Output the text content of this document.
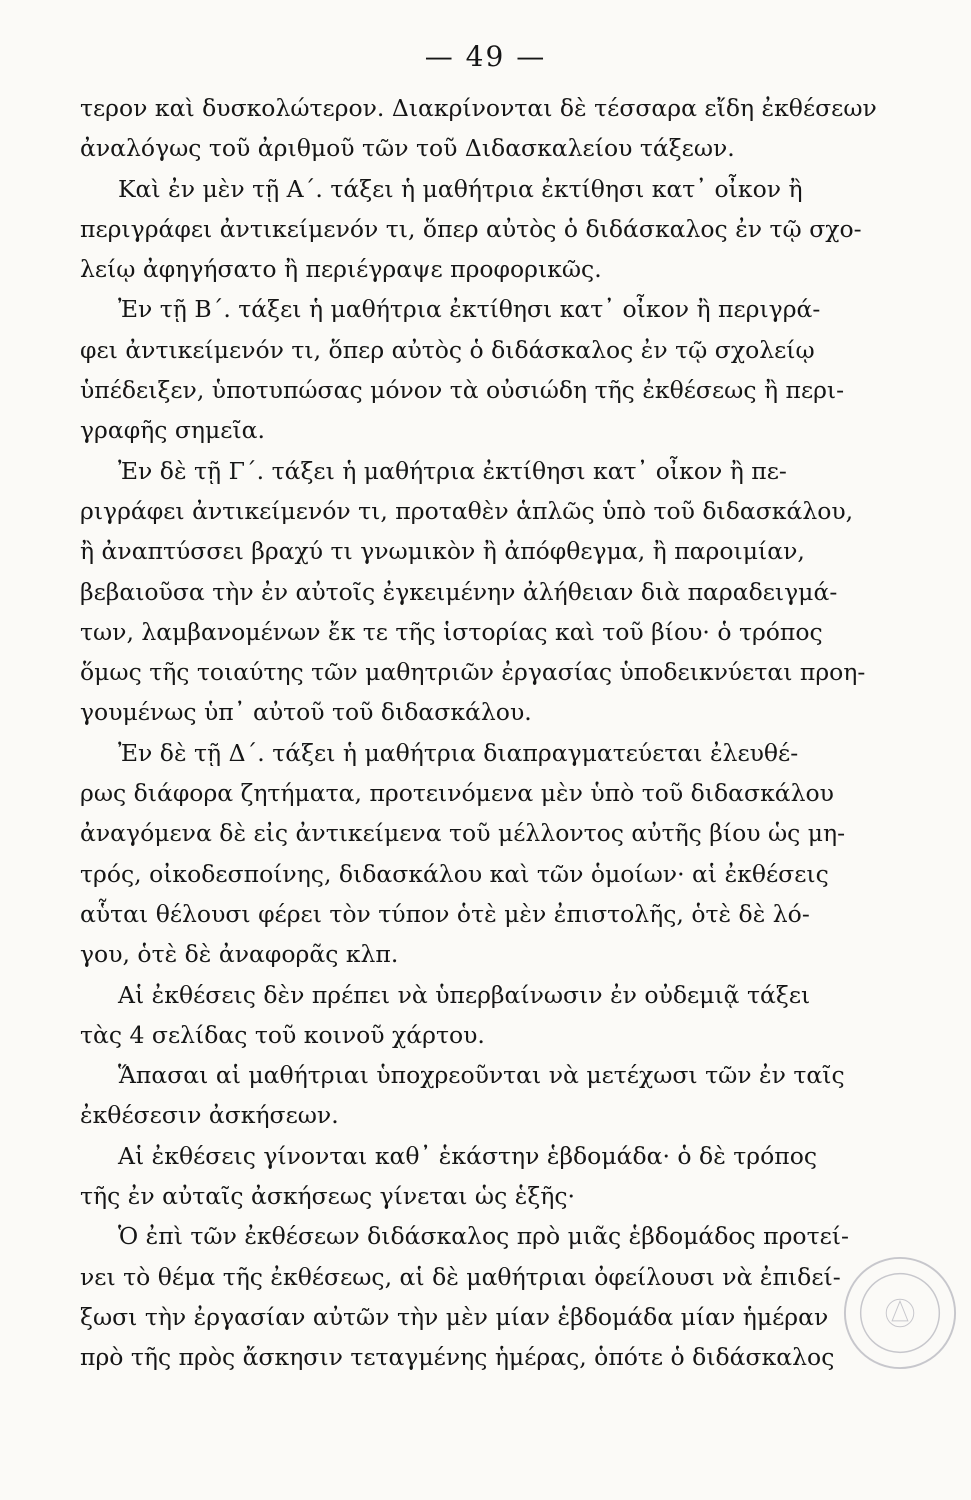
— 49 —
τερον καὶ δυσκολώτερον. Διακρίνονται δὲ τέσσαρα εἴδη ἐκθέσεων
ἀναλόγως τοῦ ἀριθμοῦ τῶν τοῦ Διδασκαλείου τάξεων.
Καὶ ἐν μὲν τῇ Α΄. τάξει ἡ μαθήτρια ἐκτίθησι κατ᾽ οἶκον ἢ
περιγράφει ἀντικείμενόν τι, ὅπερ αὐτὸς ὁ διδάσκαλος ἐν τῷ σχο-
λείῳ ἀφηγήσατο ἢ περιέγραψε προφορικῶς.
Ἐν τῇ Β΄. τάξει ἡ μαθήτρια ἐκτίθησι κατ᾽ οἶκον ἢ περιγρά-
φει ἀντικείμενόν τι, ὅπερ αὐτὸς ὁ διδάσκαλος ἐν τῷ σχολείῳ
ὑπέδειξεν, ὑποτυπώσας μόνον τὰ οὐσιώδη τῆς ἐκθέσεως ἢ περι-
γραφῆς σημεῖα.
Ἐν δὲ τῇ Γ΄. τάξει ἡ μαθήτρια ἐκτίθησι κατ᾽ οἶκον ἢ πε-
ριγράφει ἀντικείμενόν τι, προταθὲν ἁπλῶς ὑπὸ τοῦ διδασκάλου,
ἢ ἀναπτύσσει βραχύ τι γνωμικὸν ἢ ἀπόφθεγμα, ἢ παροιμίαν,
βεβαιοῦσα τὴν ἐν αὐτοῖς ἐγκειμένην ἀλήθειαν διὰ παραδειγμά-
των, λαμβανομένων ἔκ τε τῆς ἱστορίας καὶ τοῦ βίου· ὁ τρόπος
ὅμως τῆς τοιαύτης τῶν μαθητριῶν ἐργασίας ὑποδεικνύεται προη-
γουμένως ὑπ᾽ αὐτοῦ τοῦ διδασκάλου.
Ἐν δὲ τῇ Δ΄. τάξει ἡ μαθήτρια διαπραγματεύεται ἐλευθέ-
ρως διάφορα ζητήματα, προτεινόμενα μὲν ὑπὸ τοῦ διδασκάλου
ἀναγόμενα δὲ εἰς ἀντικείμενα τοῦ μέλλοντος αὐτῆς βίου ὡς μη-
τρός, οἰκοδεσποίνης, διδασκάλου καὶ τῶν ὁμοίων· αἱ ἐκθέσεις
αὗται θέλουσι φέρει τὸν τύπον ὁτὲ μὲν ἐπιστολῆς, ὁτὲ δὲ λό-
γου, ὁτὲ δὲ ἀναφορᾶς κλπ.
Αἱ ἐκθέσεις δὲν πρέπει νὰ ὑπερβαίνωσιν ἐν οὐδεμιᾷ τάξει
τὰς 4 σελίδας τοῦ κοινοῦ χάρτου.
Ἅπασαι αἱ μαθήτριαι ὑποχρεοῦνται νὰ μετέχωσι τῶν ἐν ταῖς
ἐκθέσεσιν ἀσκήσεων.
Αἱ ἐκθέσεις γίνονται καθ᾽ ἑκάστην ἑβδομάδα· ὁ δὲ τρόπος
τῆς ἐν αὐταῖς ἀσκήσεως γίνεται ὡς ἑξῆς·
Ὁ ἐπὶ τῶν ἐκθέσεων διδάσκαλος πρὸ μιᾶς ἑβδομάδος προτεί-
νει τὸ θέμα τῆς ἐκθέσεως, αἱ δὲ μαθήτριαι ὀφείλουσι νὰ ἐπιδεί-
ξωσι τὴν ἐργασίαν αὐτῶν τὴν μὲν μίαν ἑβδομάδα μίαν ἡμέραν
πρὸ τῆς πρὸς ἄσκησιν τεταγμένης ἡμέρας, ὁπότε ὁ διδάσκαλος
